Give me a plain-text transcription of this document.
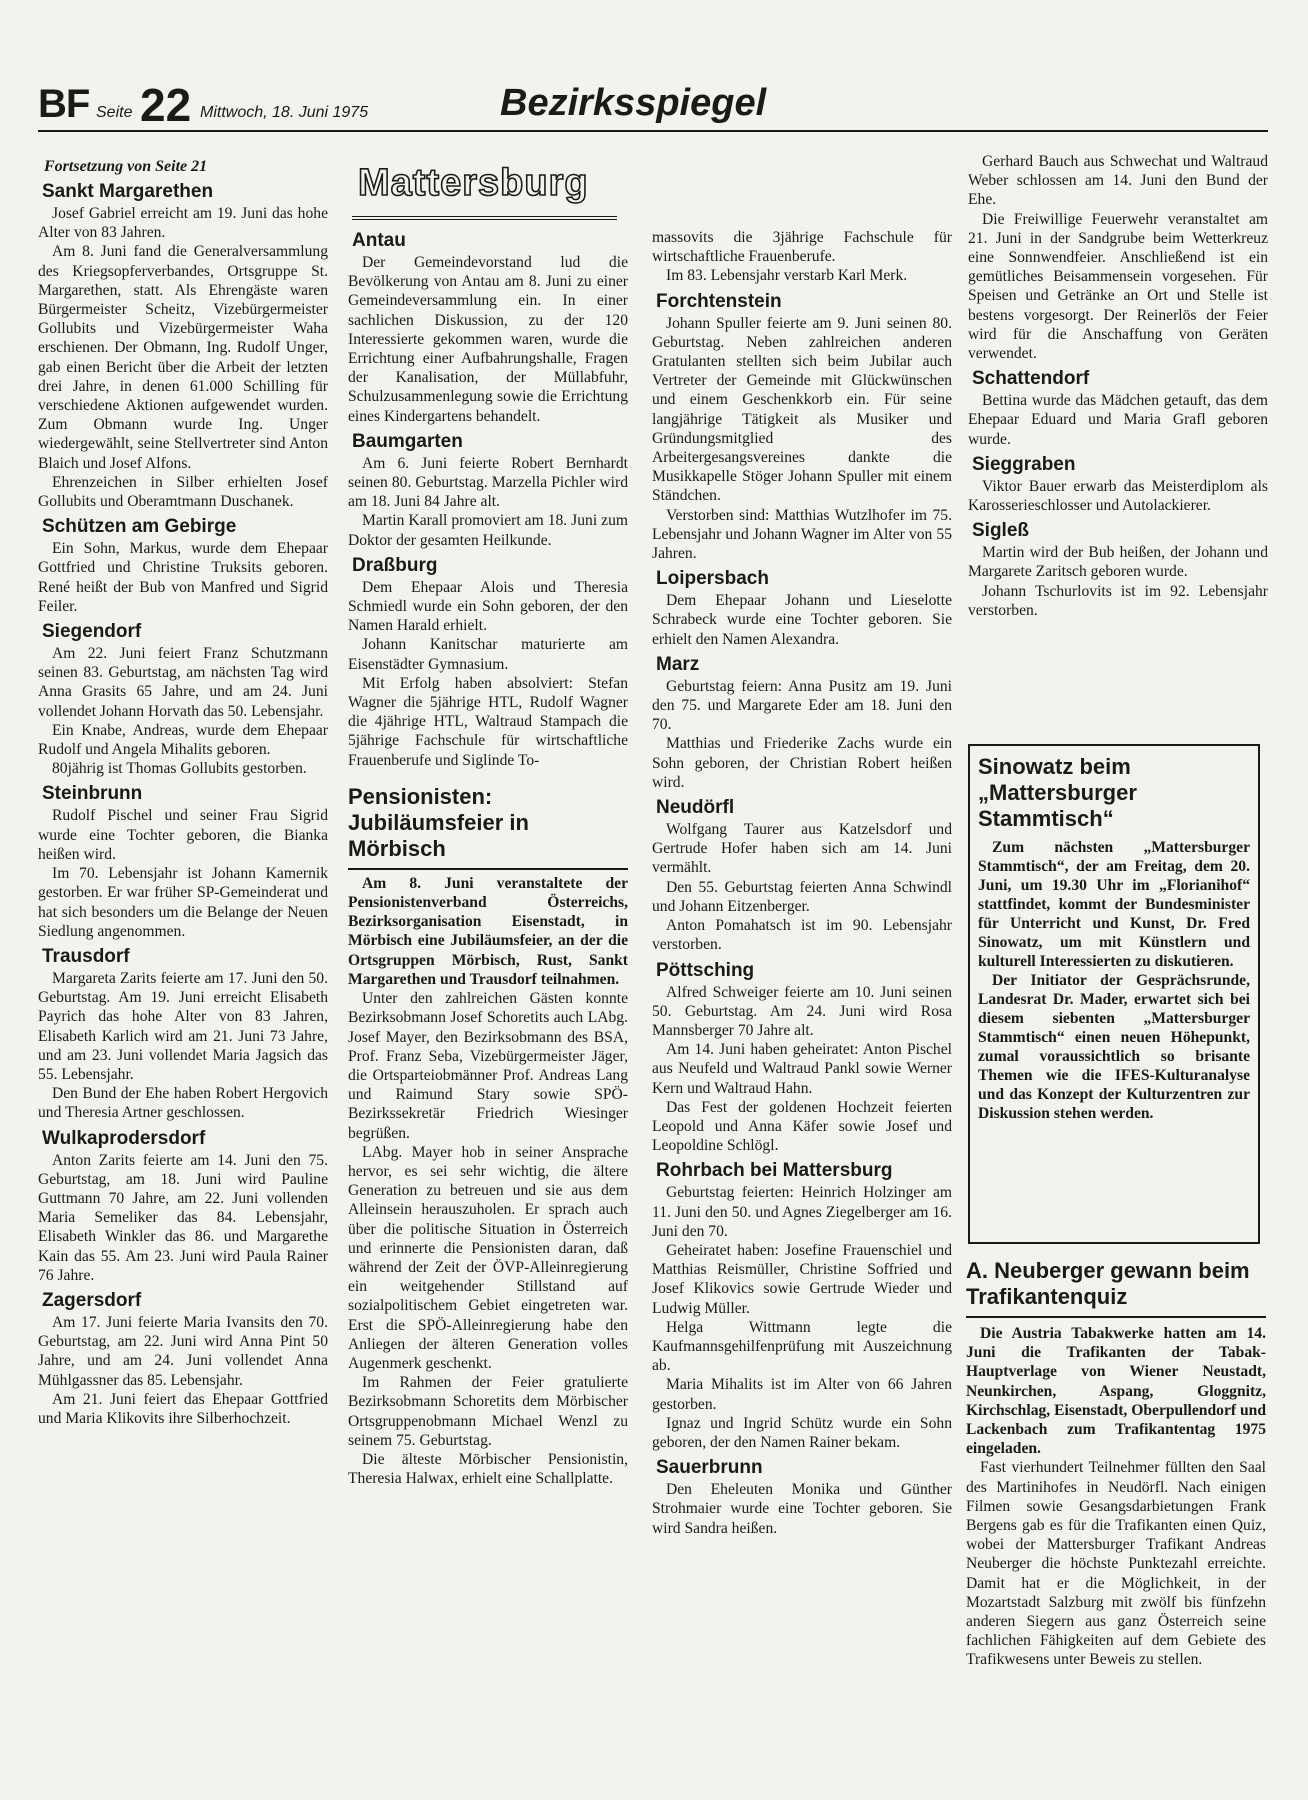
BF Seite 22 Mittwoch, 18. Juni 1975	Bezirksspiegel
Fortsetzung von Seite 21
Sankt Margarethen

Josef Gabriel erreicht am 19. Juni das hohe Alter von 83 Jahren.

Am 8. Juni fand die Generalversammlung des Kriegsopferverbandes, Ortsgruppe St. Margarethen, statt. Als Ehrengäste waren Bürgermeister Scheitz, Vizebürgermeister Gollubits und Vizebürgermeister Waha erschienen. Der Obmann, Ing. Rudolf Unger, gab einen Bericht über die Arbeit der letzten drei Jahre, in denen 61.000 Schilling für verschiedene Aktionen aufgewendet wurden. Zum Obmann wurde Ing. Unger wiedergewählt, seine Stellvertreter sind Anton Blaich und Josef Alfons.

Ehrenzeichen in Silber erhielten Josef Gollubits und Oberamtmann Duschanek.

Schützen am Gebirge

Ein Sohn, Markus, wurde dem Ehepaar Gottfried und Christine Truksits geboren. René heißt der Bub von Manfred und Sigrid Feiler.

Siegendorf

Am 22. Juni feiert Franz Schutzmann seinen 83. Geburtstag, am nächsten Tag wird Anna Grasits 65 Jahre, und am 24. Juni vollendet Johann Horvath das 50. Lebensjahr.

Ein Knabe, Andreas, wurde dem Ehepaar Rudolf und Angela Mihalits geboren.

80jährig ist Thomas Gollubits gestorben.

Steinbrunn

Rudolf Pischel und seiner Frau Sigrid wurde eine Tochter geboren, die Bianka heißen wird.

Im 70. Lebensjahr ist Johann Kamernik gestorben. Er war früher SP-Gemeinderat und hat sich besonders um die Belange der Neuen Siedlung angenommen.

Trausdorf

Margareta Zarits feierte am 17. Juni den 50. Geburtstag. Am 19. Juni erreicht Elisabeth Payrich das hohe Alter von 83 Jahren, Elisabeth Karlich wird am 21. Juni 73 Jahre, und am 23. Juni vollendet Maria Jagsich das 55. Lebensjahr.

Den Bund der Ehe haben Robert Hergovich und Theresia Artner geschlossen.

Wulkaprodersdorf

Anton Zarits feierte am 14. Juni den 75. Geburtstag, am 18. Juni wird Pauline Guttmann 70 Jahre, am 22. Juni vollenden Maria Semeliker das 84. Lebensjahr, Elisabeth Winkler das 86. und Margarethe Kain das 55. Am 23. Juni wird Paula Rainer 76 Jahre.

Zagersdorf

Am 17. Juni feierte Maria Ivansits den 70. Geburtstag, am 22. Juni wird Anna Pint 50 Jahre, und am 24. Juni vollendet Anna Mühlgassner das 85. Lebensjahr.

Am 21. Juni feiert das Ehepaar Gottfried und Maria Klikovits ihre Silberhochzeit.

Mattersburg
Antau

Der Gemeindevorstand lud die Bevölkerung von Antau am 8. Juni zu einer Gemeindeversammlung ein. In einer sachlichen Diskussion, zu der 120 Interessierte gekommen waren, wurde die Errichtung einer Aufbahrungshalle, Fragen der Kanalisation, der Müllabfuhr, Schulzusammenlegung sowie die Errichtung eines Kindergartens behandelt.

Baumgarten

Am 6. Juni feierte Robert Bernhardt seinen 80. Geburtstag. Marzella Pichler wird am 18. Juni 84 Jahre alt.

Martin Karall promoviert am 18. Juni zum Doktor der gesamten Heilkunde.

Draßburg

Dem Ehepaar Alois und Theresia Schmiedl wurde ein Sohn geboren, der den Namen Harald erhielt.

Johann Kanitschar maturierte am Eisenstädter Gymnasium.

Mit Erfolg haben absolviert: Stefan Wagner die 5jährige HTL, Rudolf Wagner die 4jährige HTL, Waltraud Stampach die 5jährige Fachschule für wirtschaftliche Frauenberufe und Siglinde To-

Pensionisten: Jubiläumsfeier in Mörbisch

Am 8. Juni veranstaltete der Pensionistenverband Österreichs, Bezirksorganisation Eisenstadt, in Mörbisch eine Jubiläumsfeier, an der die Ortsgruppen Mörbisch, Rust, Sankt Margarethen und Trausdorf teilnahmen.

Unter den zahlreichen Gästen konnte Bezirksobmann Josef Schoretits auch LAbg. Josef Mayer, den Bezirksobmann des BSA, Prof. Franz Seba, Vizebürgermeister Jäger, die Ortsparteiobmänner Prof. Andreas Lang und Raimund Stary sowie SPÖ-Bezirkssekretär Friedrich Wiesinger begrüßen.

LAbg. Mayer hob in seiner Ansprache hervor, es sei sehr wichtig, die ältere Generation zu betreuen und sie aus dem Alleinsein herauszuholen. Er sprach auch über die politische Situation in Österreich und erinnerte die Pensionisten daran, daß während der Zeit der ÖVP-Alleinregierung ein weitgehender Stillstand auf sozialpolitischem Gebiet eingetreten war. Erst die SPÖ-Alleinregierung habe den Anliegen der älteren Generation volles Augenmerk geschenkt.

Im Rahmen der Feier gratulierte Bezirksobmann Schoretits dem Mörbischer Ortsgruppenobmann Michael Wenzl zu seinem 75. Geburtstag.

Die älteste Mörbischer Pensionistin, Theresia Halwax, erhielt eine Schallplatte.

massovits die 3jährige Fachschule für wirtschaftliche Frauenberufe.

Im 83. Lebensjahr verstarb Karl Merk.

Forchtenstein

Johann Spuller feierte am 9. Juni seinen 80. Geburtstag. Neben zahlreichen anderen Gratulanten stellten sich beim Jubilar auch Vertreter der Gemeinde mit Glückwünschen und einem Geschenkkorb ein. Für seine langjährige Tätigkeit als Musiker und Gründungsmitglied des Arbeitergesangsvereines dankte die Musikkapelle Stöger Johann Spuller mit einem Ständchen.

Verstorben sind: Matthias Wutzlhofer im 75. Lebensjahr und Johann Wagner im Alter von 55 Jahren.

Loipersbach

Dem Ehepaar Johann und Lieselotte Schrabeck wurde eine Tochter geboren. Sie erhielt den Namen Alexandra.

Marz

Geburtstag feiern: Anna Pusitz am 19. Juni den 75. und Margarete Eder am 18. Juni den 70.

Matthias und Friederike Zachs wurde ein Sohn geboren, der Christian Robert heißen wird.

Neudörfl

Wolfgang Taurer aus Katzelsdorf und Gertrude Hofer haben sich am 14. Juni vermählt.

Den 55. Geburtstag feierten Anna Schwindl und Johann Eitzenberger.

Anton Pomahatsch ist im 90. Lebensjahr verstorben.

Pöttsching

Alfred Schweiger feierte am 10. Juni seinen 50. Geburtstag. Am 24. Juni wird Rosa Mannsberger 70 Jahre alt.

Am 14. Juni haben geheiratet: Anton Pischel aus Neufeld und Waltraud Pankl sowie Werner Kern und Waltraud Hahn.

Das Fest der goldenen Hochzeit feierten Leopold und Anna Käfer sowie Josef und Leopoldine Schlögl.

Rohrbach bei Mattersburg

Geburtstag feierten: Heinrich Holzinger am 11. Juni den 50. und Agnes Ziegelberger am 16. Juni den 70.

Geheiratet haben: Josefine Frauenschiel und Matthias Reismüller, Christine Soffried und Josef Klikovics sowie Gertrude Wieder und Ludwig Müller.

Helga Wittmann legte die Kaufmannsgehilfenprüfung mit Auszeichnung ab.

Maria Mihalits ist im Alter von 66 Jahren gestorben.

Ignaz und Ingrid Schütz wurde ein Sohn geboren, der den Namen Rainer bekam.

Sauerbrunn

Den Eheleuten Monika und Günther Strohmaier wurde eine Tochter geboren. Sie wird Sandra heißen.

Gerhard Bauch aus Schwechat und Waltraud Weber schlossen am 14. Juni den Bund der Ehe.

Die Freiwillige Feuerwehr veranstaltet am 21. Juni in der Sandgrube beim Wetterkreuz eine Sonnwendfeier. Anschließend ist ein gemütliches Beisammensein vorgesehen. Für Speisen und Getränke an Ort und Stelle ist bestens vorgesorgt. Der Reinerlös der Feier wird für die Anschaffung von Geräten verwendet.

Schattendorf

Bettina wurde das Mädchen getauft, das dem Ehepaar Eduard und Maria Grafl geboren wurde.

Sieggraben

Viktor Bauer erwarb das Meisterdiplom als Karosserieschlosser und Autolackierer.

Sigleß

Martin wird der Bub heißen, der Johann und Margarete Zaritsch geboren wurde.

Johann Tschurlovits ist im 92. Lebensjahr verstorben.

Sinowatz beim „Mattersburger Stammtisch“

Zum nächsten „Mattersburger Stammtisch“, der am Freitag, dem 20. Juni, um 19.30 Uhr im „Florianihof“ stattfindet, kommt der Bundesminister für Unterricht und Kunst, Dr. Fred Sinowatz, um mit Künstlern und kulturell Interessierten zu diskutieren.

Der Initiator der Gesprächsrunde, Landesrat Dr. Mader, erwartet sich bei diesem siebenten „Mattersburger Stammtisch“ einen neuen Höhepunkt, zumal voraussichtlich so brisante Themen wie die IFES-Kulturanalyse und das Konzept der Kulturzentren zur Diskussion stehen werden.

A. Neuberger gewann beim Trafikantenquiz

Die Austria Tabakwerke hatten am 14. Juni die Trafikanten der Tabak-Hauptverlage von Wiener Neustadt, Neunkirchen, Aspang, Gloggnitz, Kirchschlag, Eisenstadt, Oberpullendorf und Lackenbach zum Trafikantentag 1975 eingeladen.

Fast vierhundert Teilnehmer füllten den Saal des Martinihofes in Neudörfl. Nach einigen Filmen sowie Gesangsdarbietungen Frank Bergens gab es für die Trafikanten einen Quiz, wobei der Mattersburger Trafikant Andreas Neuberger die höchste Punktezahl erreichte. Damit hat er die Möglichkeit, in der Mozartstadt Salzburg mit zwölf bis fünfzehn anderen Siegern aus ganz Österreich seine fachlichen Fähigkeiten auf dem Gebiete des Trafikwesens unter Beweis zu stellen.
